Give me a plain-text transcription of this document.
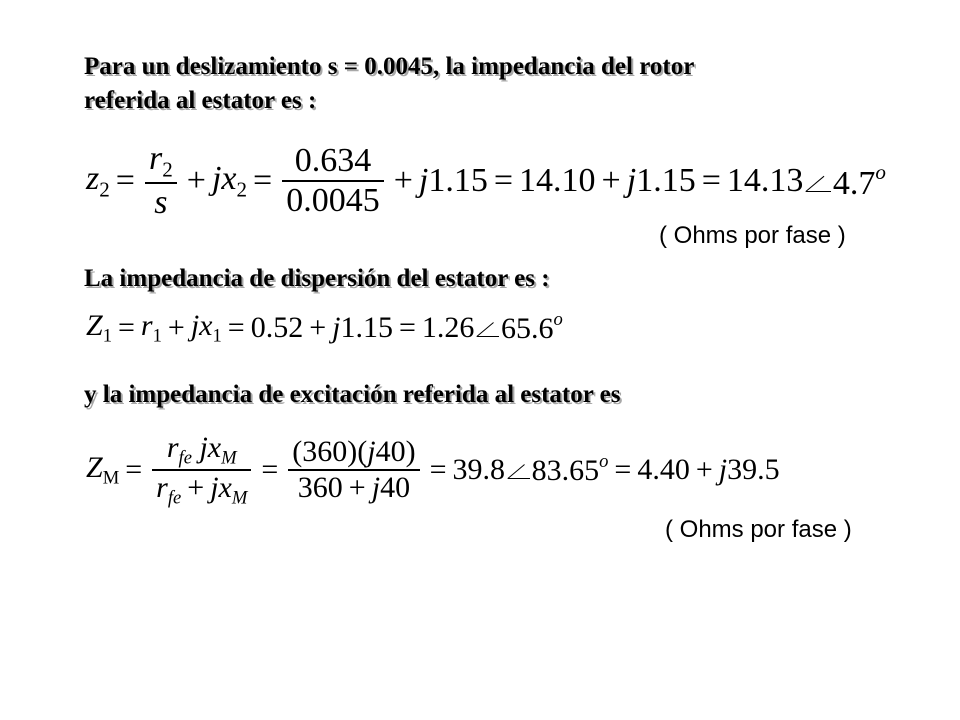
Para un deslizamiento s = 0.0045, la impedancia del rotor
referida al estator es :
$z_2 = \frac{r_2}{s} + jx_2 = \frac{0.634}{0.0045} + j$ 1.15 = 14.10 + j 1.15 = 14.13 4.7$^o$
( Ohms por fase )
La impedancia de dispersión del estator es :
$Z_1 = r_1 + jx_1 = 0.52 + j$ 1.15 = 1.26 65.6$^o$
y la impedancia de excitación referida al estator es
$Z_M = \frac{r_{fe} jx_M}{r_{fe} + jx_M} = \frac{(360)(j40)}{360 + j40} = 39.8$ $83.65^o = 4.40 + j$ 39.5
( Ohms por fase )
